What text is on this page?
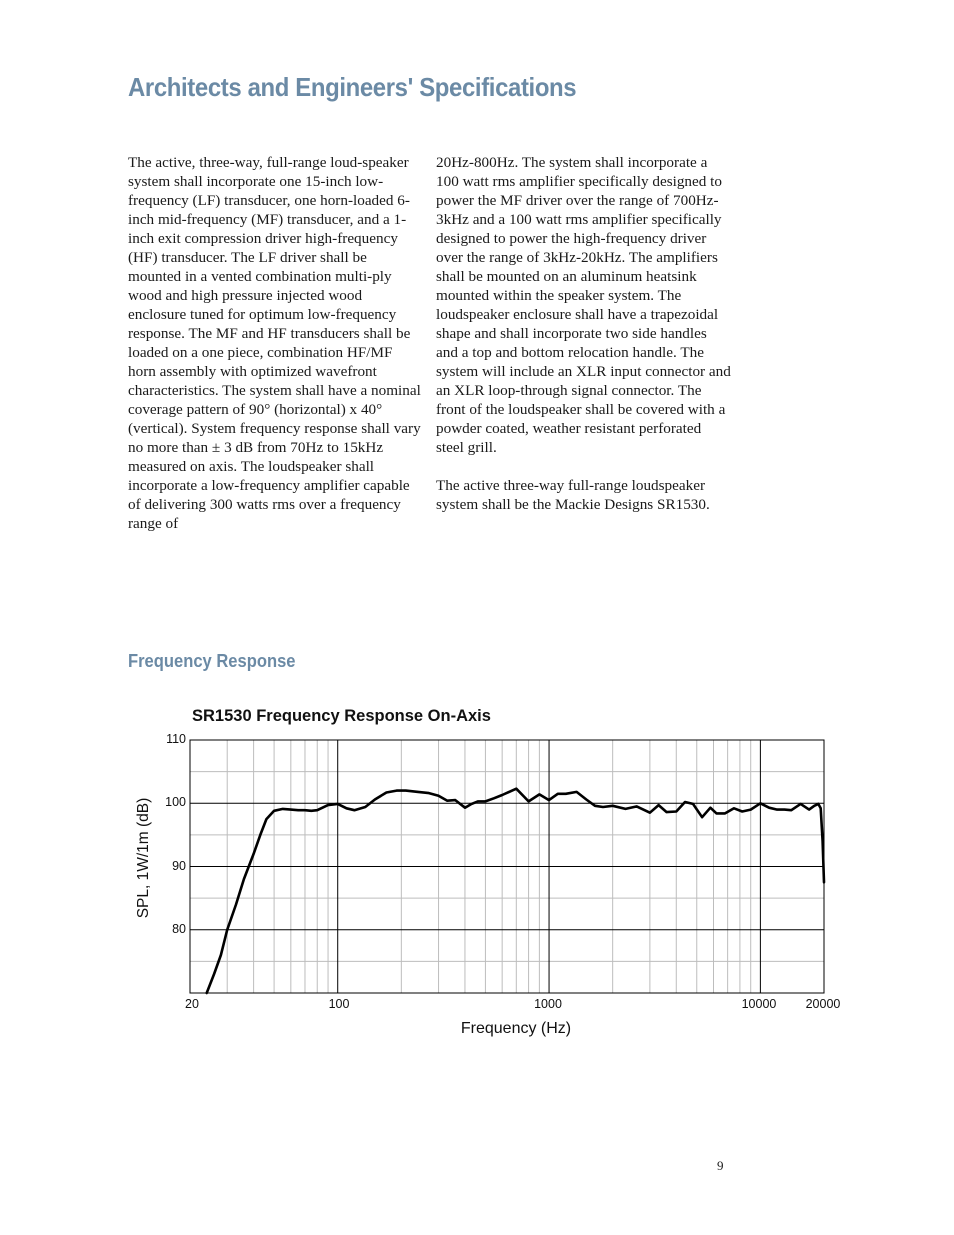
Architects and Engineers' Specifications

The active, three-way, full-range loud-speaker system shall incorporate one 15-inch low-frequency (LF) transducer, one horn-loaded 6-inch mid-frequency (MF) transducer, and a 1-inch exit compression driver high-frequency (HF) transducer. The LF driver shall be mounted in a vented combination multi-ply wood and high pressure injected wood enclosure tuned for optimum low-frequency response. The MF and HF transducers shall be loaded on a one piece, combination HF/MF horn assembly with optimized wavefront characteristics. The system shall have a nominal coverage pattern of 90° (horizontal) x 40° (vertical). System frequency response shall vary no more than ± 3 dB from 70Hz to 15kHz measured on axis. The loudspeaker shall incorporate a low-frequency amplifier capable of delivering 300 watts rms over a frequency range of

20Hz-800Hz. The system shall incorporate a 100 watt rms amplifier specifically designed to power the MF driver over the range of 700Hz-3kHz and a 100 watt rms amplifier specifically designed to power the high-frequency driver over the range of 3kHz-20kHz. The amplifiers shall be mounted on an aluminum heatsink mounted within the speaker system. The loudspeaker enclosure shall have a trapezoidal shape and shall incorporate two side handles and a top and bottom relocation handle. The system will include an XLR input connector and an XLR loop-through signal connector. The front of the loudspeaker shall be covered with a powder coated, weather resistant perforated steel grill.

The active three-way full-range loudspeaker system shall be the Mackie Designs SR1530.

Frequency Response
SR1530 Frequency Response On-Axis
110
100
90
80
20	100	1000	10000 20000
Frequency (Hz)
SPL, 1W/1m (dB)
9
